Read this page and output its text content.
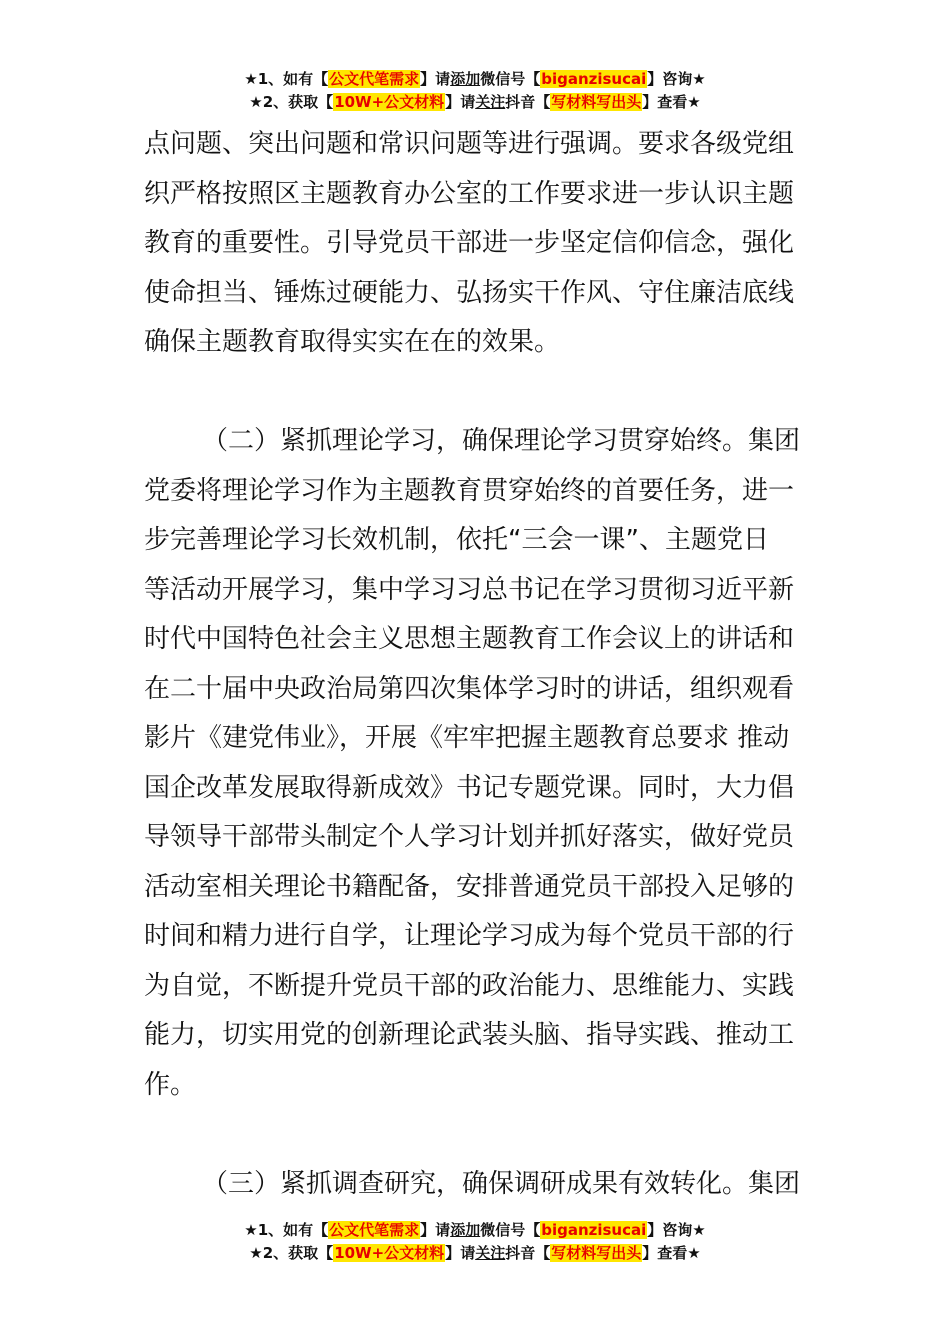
★1、如有【公文代笔需求】请添加微信号【biganzisucai】咨询★
★2、获取【10W+公文材料】请关注抖音【写材料写出头】查看★

点问题、突出问题和常识问题等进行强调。要求各级党组

织严格按照区主题教育办公室的工作要求进一步认识主题

教育的重要性。引导党员干部进一步坚定信仰信念，强化

使命担当、锤炼过硬能力、弘扬实干作风、守住廉洁底线

确保主题教育取得实实在在的效果。

（二）紧抓理论学习，确保理论学习贯穿始终。集团

党委将理论学习作为主题教育贯穿始终的首要任务，进一

步完善理论学习长效机制，依托“三会一课”、主题党日

等活动开展学习，集中学习习总书记在学习贯彻习近平新

时代中国特色社会主义思想主题教育工作会议上的讲话和

在二十届中央政治局第四次集体学习时的讲话，组织观看

影片《建党伟业》，开展《牢牢把握主题教育总要求 推动

国企改革发展取得新成效》书记专题党课。同时，大力倡

导领导干部带头制定个人学习计划并抓好落实，做好党员

活动室相关理论书籍配备，安排普通党员干部投入足够的

时间和精力进行自学，让理论学习成为每个党员干部的行

为自觉，不断提升党员干部的政治能力、思维能力、实践

能力，切实用党的创新理论武装头脑、指导实践、推动工

作。

（三）紧抓调查研究，确保调研成果有效转化。集团

★1、如有【公文代笔需求】请添加微信号【biganzisucai】咨询★
★2、获取【10W+公文材料】请关注抖音【写材料写出头】查看★
